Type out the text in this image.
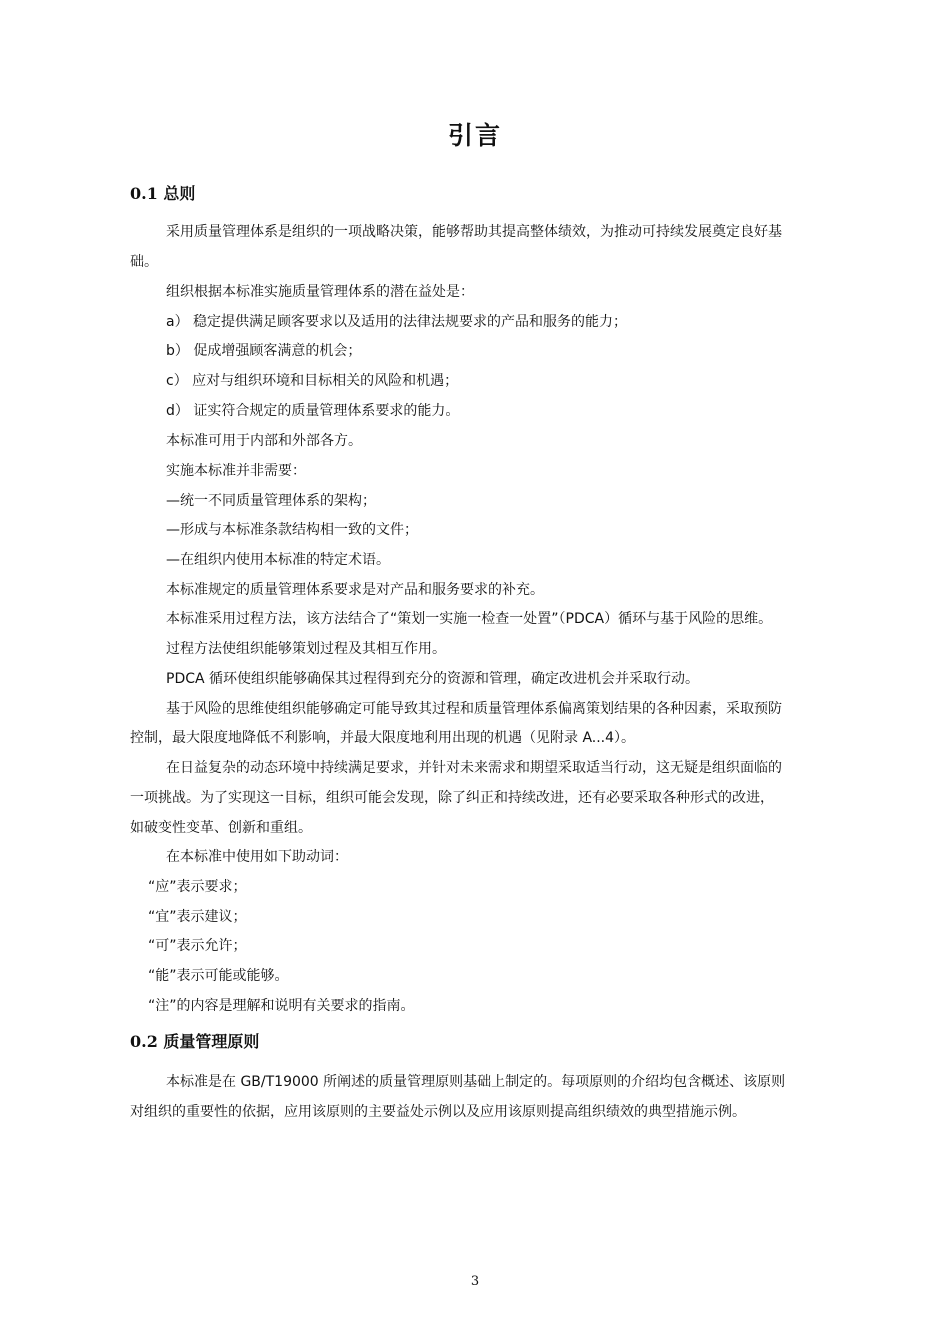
引言
0.1 总则
采用质量管理体系是组织的一项战略决策，能够帮助其提高整体绩效，为推动可持续发展奠定良好基
础。
组织根据本标准实施质量管理体系的潜在益处是：
a） 稳定提供满足顾客要求以及适用的法律法规要求的产品和服务的能力；
b） 促成增强顾客满意的机会；
c） 应对与组织环境和目标相关的风险和机遇；
d） 证实符合规定的质量管理体系要求的能力。
本标准可用于内部和外部各方。
实施本标准并非需要：
—统一不同质量管理体系的架构；
—形成与本标准条款结构相一致的文件；
—在组织内使用本标准的特定术语。
本标准规定的质量管理体系要求是对产品和服务要求的补充。
本标准采用过程方法，该方法结合了“策划一实施一检查一处置”（PDCA）循环与基于风险的思维。
过程方法使组织能够策划过程及其相互作用。
PDCA 循环使组织能够确保其过程得到充分的资源和管理，确定改进机会并采取行动。
基于风险的思维使组织能够确定可能导致其过程和质量管理体系偏离策划结果的各种因素，采取预防
控制，最大限度地降低不利影响，并最大限度地利用出现的机遇（见附录 A...4）。
在日益复杂的动态环境中持续满足要求，并针对未来需求和期望采取适当行动，这无疑是组织面临的
一项挑战。为了实现这一目标，组织可能会发现，除了纠正和持续改进，还有必要采取各种形式的改进，
如破变性变革、创新和重组。
在本标准中使用如下助动词：
“应”表示要求；
“宜”表示建议；
“可”表示允许；
“能”表示可能或能够。
“注”的内容是理解和说明有关要求的指南。
0.2 质量管理原则
本标准是在 GB/T19000 所阐述的质量管理原则基础上制定的。每项原则的介绍均包含概述、该原则
对组织的重要性的依据，应用该原则的主要益处示例以及应用该原则提高组织绩效的典型措施示例。
3
